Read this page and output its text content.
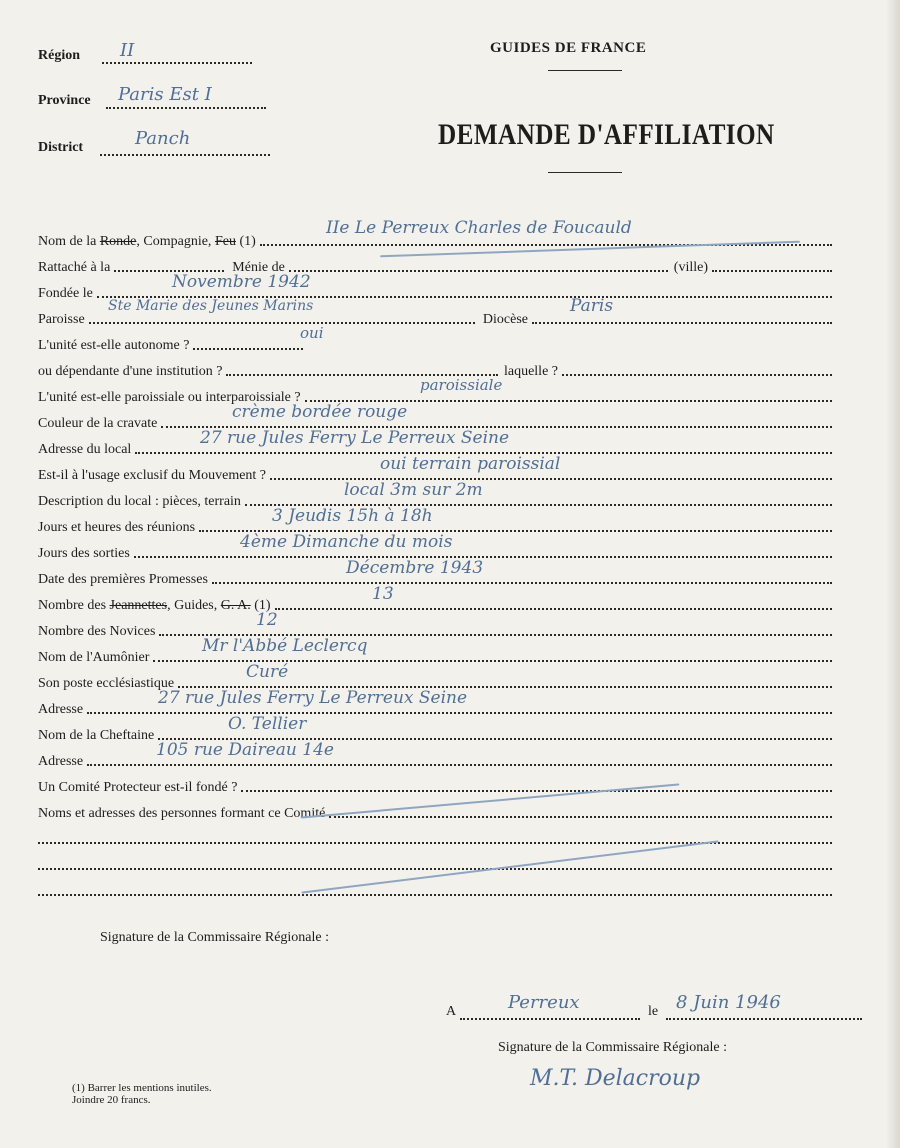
Région II
Province Paris Est I
District	Panch
GUIDES DE FRANCE
DEMANDE D'AFFILIATION
Nom de la Ronde, Compagnie, Feu (1)
IIe Le Perreux Charles de Foucauld
Rattaché à la	Ménie de	(ville)
Fondée le
Novembre 1942
Paroisse	Diocèse
Ste Marie des Jeunes Marins	Paris
L'unité est-elle autonome ?
oui
ou dépendante d'une institution ?	laquelle ?
L'unité est-elle paroissiale ou interparoissiale ?
paroissiale
Couleur de la cravate
crème bordée rouge
Adresse du local
27 rue Jules Ferry Le Perreux Seine
Est-il à l'usage exclusif du Mouvement ?
oui terrain paroissial
Description du local : pièces, terrain
local 3m sur 2m
Jours et heures des réunions
3 Jeudis 15h à 18h
Jours des sorties
4ème Dimanche du mois
Date des premières Promesses
Décembre 1943
Nombre des Jeannettes, Guides, G. A. (1)
13
Nombre des Novices
12
Nom de l'Aumônier
Mr l'Abbé Leclercq
Son poste ecclésiastique
Curé
Adresse
27 rue Jules Ferry Le Perreux Seine
Nom de la Cheftaine
O. Tellier
Adresse
105 rue Daireau 14e
Un Comité Protecteur est-il fondé ?
Noms et adresses des personnes formant ce Comité
Signature de la Commissaire Régionale :
A	Perreux	le 8 Juin 1946
Signature de la Commissaire Régionale :
M.T. Delacroup
(1) Barrer les mentions inutiles.
Joindre 20 francs.
